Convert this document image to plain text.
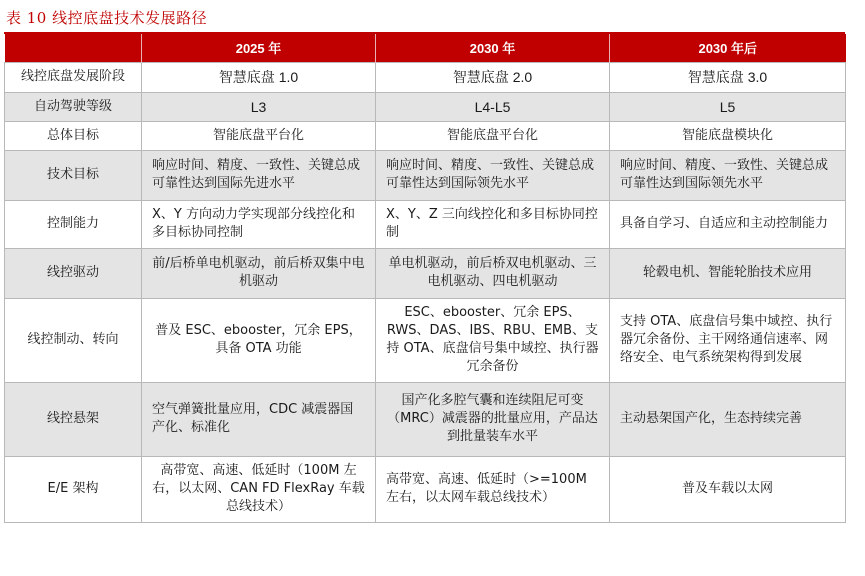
表 10 线控底盘技术发展路径
	2025 年	2030 年	2030 年后
线控底盘发展阶段	智慧底盘 1.0	智慧底盘 2.0	智慧底盘 3.0
自动驾驶等级	L3	L4-L5	L5
总体目标	智能底盘平台化	智能底盘平台化	智能底盘模块化
技术目标	响应时间、精度、一致性、关键总成可靠性达到国际先进水平	响应时间、精度、一致性、关键总成可靠性达到国际领先水平	响应时间、精度、一致性、关键总成可靠性达到国际领先水平
控制能力	X、Y 方向动力学实现部分线控化和多目标协同控制	X、Y、Z 三向线控化和多目标协同控制	具备自学习、自适应和主动控制能力
线控驱动	前/后桥单电机驱动，前后桥双集中电机驱动	单电机驱动，前后桥双电机驱动、三电机驱动、四电机驱动	轮毂电机、智能轮胎技术应用
线控制动、转向	普及 ESC、ebooster，冗余 EPS，具备 OTA 功能	ESC、ebooster、冗余 EPS、RWS、DAS、IBS、RBU、EMB、支持 OTA、底盘信号集中域控、执行器冗余备份	支持 OTA、底盘信号集中域控、执行器冗余备份、主干网络通信速率、网络安全、电气系统架构得到发展
线控悬架	空气弹簧批量应用，CDC 减震器国产化、标准化	国产化多腔气囊和连续阻尼可变（MRC）减震器的批量应用，产品达到批量装车水平	主动悬架国产化，生态持续完善
E/E 架构	高带宽、高速、低延时（100M 左右，以太网、CAN FD FlexRay 车载总线技术）	高带宽、高速、低延时（>=100M 左右，以太网车载总线技术）	普及车载以太网
